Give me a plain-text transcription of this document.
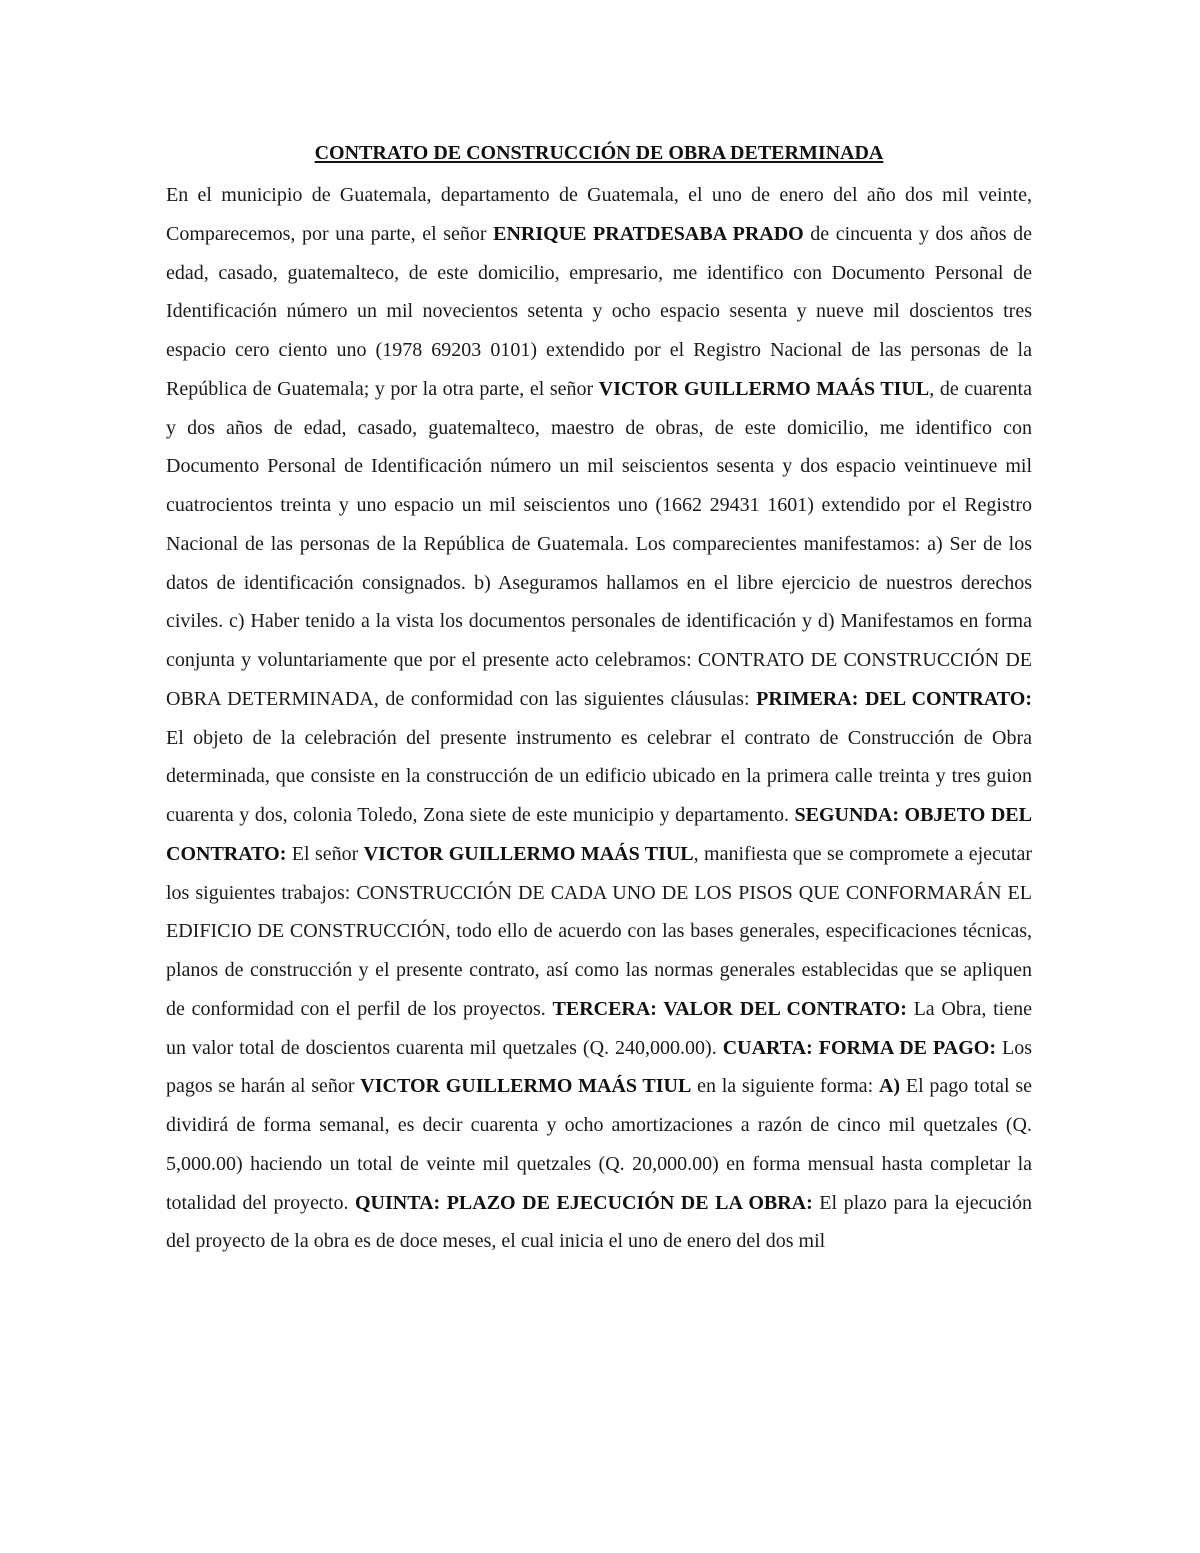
CONTRATO DE CONSTRUCCIÓN DE OBRA DETERMINADA

En el municipio de Guatemala, departamento de Guatemala, el uno de enero del año dos mil veinte, Comparecemos, por una parte, el señor ENRIQUE PRATDESABA PRADO de cincuenta y dos años de edad, casado, guatemalteco, de este domicilio, empresario, me identifico con Documento Personal de Identificación número un mil novecientos setenta y ocho espacio sesenta y nueve mil doscientos tres espacio cero ciento uno (1978 69203 0101) extendido por el Registro Nacional de las personas de la República de Guatemala; y por la otra parte, el señor VICTOR GUILLERMO MAÁS TIUL, de cuarenta y dos años de edad, casado, guatemalteco, maestro de obras, de este domicilio, me identifico con Documento Personal de Identificación número un mil seiscientos sesenta y dos espacio veintinueve mil cuatrocientos treinta y uno espacio un mil seiscientos uno (1662 29431 1601) extendido por el Registro Nacional de las personas de la República de Guatemala. Los comparecientes manifestamos: a) Ser de los datos de identificación consignados. b) Aseguramos hallamos en el libre ejercicio de nuestros derechos civiles. c) Haber tenido a la vista los documentos personales de identificación y d) Manifestamos en forma conjunta y voluntariamente que por el presente acto celebramos: CONTRATO DE CONSTRUCCIÓN DE OBRA DETERMINADA, de conformidad con las siguientes cláusulas: PRIMERA: DEL CONTRATO: El objeto de la celebración del presente instrumento es celebrar el contrato de Construcción de Obra determinada, que consiste en la construcción de un edificio ubicado en la primera calle treinta y tres guion cuarenta y dos, colonia Toledo, Zona siete de este municipio y departamento. SEGUNDA: OBJETO DEL CONTRATO: El señor VICTOR GUILLERMO MAÁS TIUL, manifiesta que se compromete a ejecutar los siguientes trabajos: CONSTRUCCIÓN DE CADA UNO DE LOS PISOS QUE CONFORMARÁN EL EDIFICIO DE CONSTRUCCIÓN, todo ello de acuerdo con las bases generales, especificaciones técnicas, planos de construcción y el presente contrato, así como las normas generales establecidas que se apliquen de conformidad con el perfil de los proyectos. TERCERA: VALOR DEL CONTRATO: La Obra, tiene un valor total de doscientos cuarenta mil quetzales (Q. 240,000.00). CUARTA: FORMA DE PAGO: Los pagos se harán al señor VICTOR GUILLERMO MAÁS TIUL en la siguiente forma: A) El pago total se dividirá de forma semanal, es decir cuarenta y ocho amortizaciones a razón de cinco mil quetzales (Q. 5,000.00) haciendo un total de veinte mil quetzales (Q. 20,000.00) en forma mensual hasta completar la totalidad del proyecto. QUINTA: PLAZO DE EJECUCIÓN DE LA OBRA: El plazo para la ejecución del proyecto de la obra es de doce meses, el cual inicia el uno de enero del dos mil
